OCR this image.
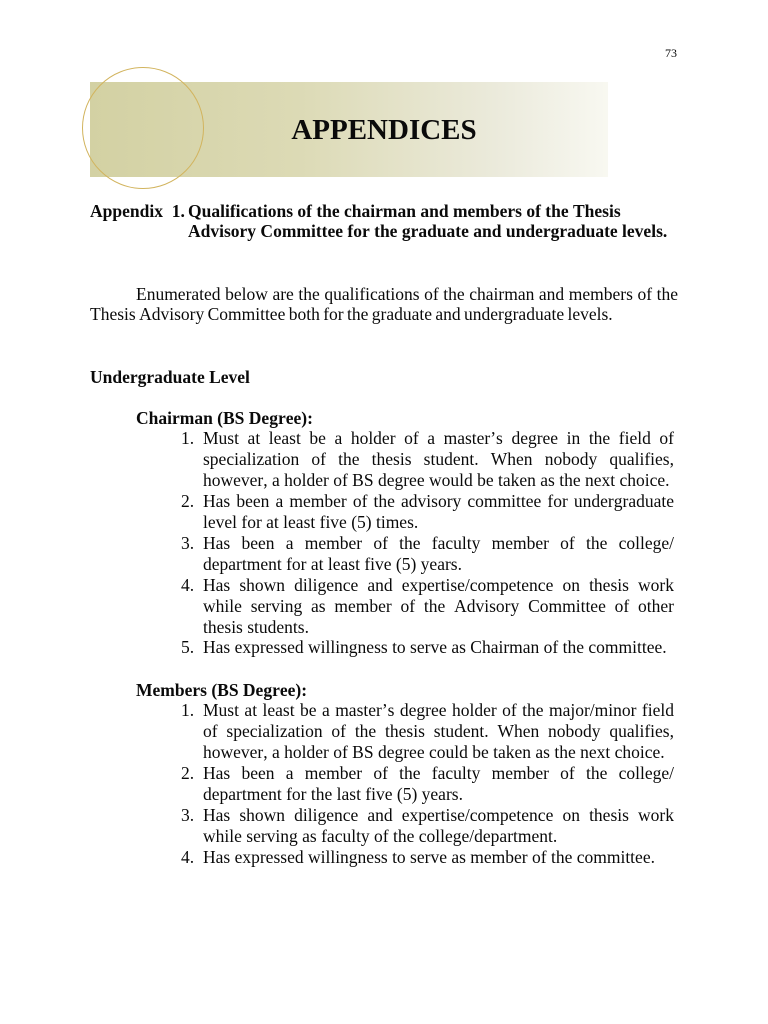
73
APPENDICES
Appendix  1. Qualifications of the chairman and members of the Thesis Advisory Committee for the graduate and undergraduate levels.

Enumerated below are the qualifications of the chairman and members of the Thesis Advisory Committee both for the graduate and undergraduate levels.

Undergraduate Level
Chairman (BS Degree):
1. Must at least be a holder of a master’s degree in the field of specialization of the thesis student. When nobody qualifies, however, a holder of BS degree would be taken as the next choice.
2. Has been a member of the advisory committee for undergraduate level for at least five (5) times.
3. Has been a member of the faculty member of the college/ department for at least five (5) years.
4. Has shown diligence and expertise/competence on thesis work while serving as member of the Advisory Committee of other thesis students.
5. Has expressed willingness to serve as Chairman of the committee.
Members (BS Degree):
1. Must at least be a master’s degree holder of the major/minor field of specialization of the thesis student. When nobody qualifies, however, a holder of BS degree could be taken as the next choice.
2. Has been a member of the faculty member of the college/ department for the last five (5) years.
3. Has shown diligence and expertise/competence on thesis work while serving as faculty of the college/department.
4. Has expressed willingness to serve as member of the committee.
